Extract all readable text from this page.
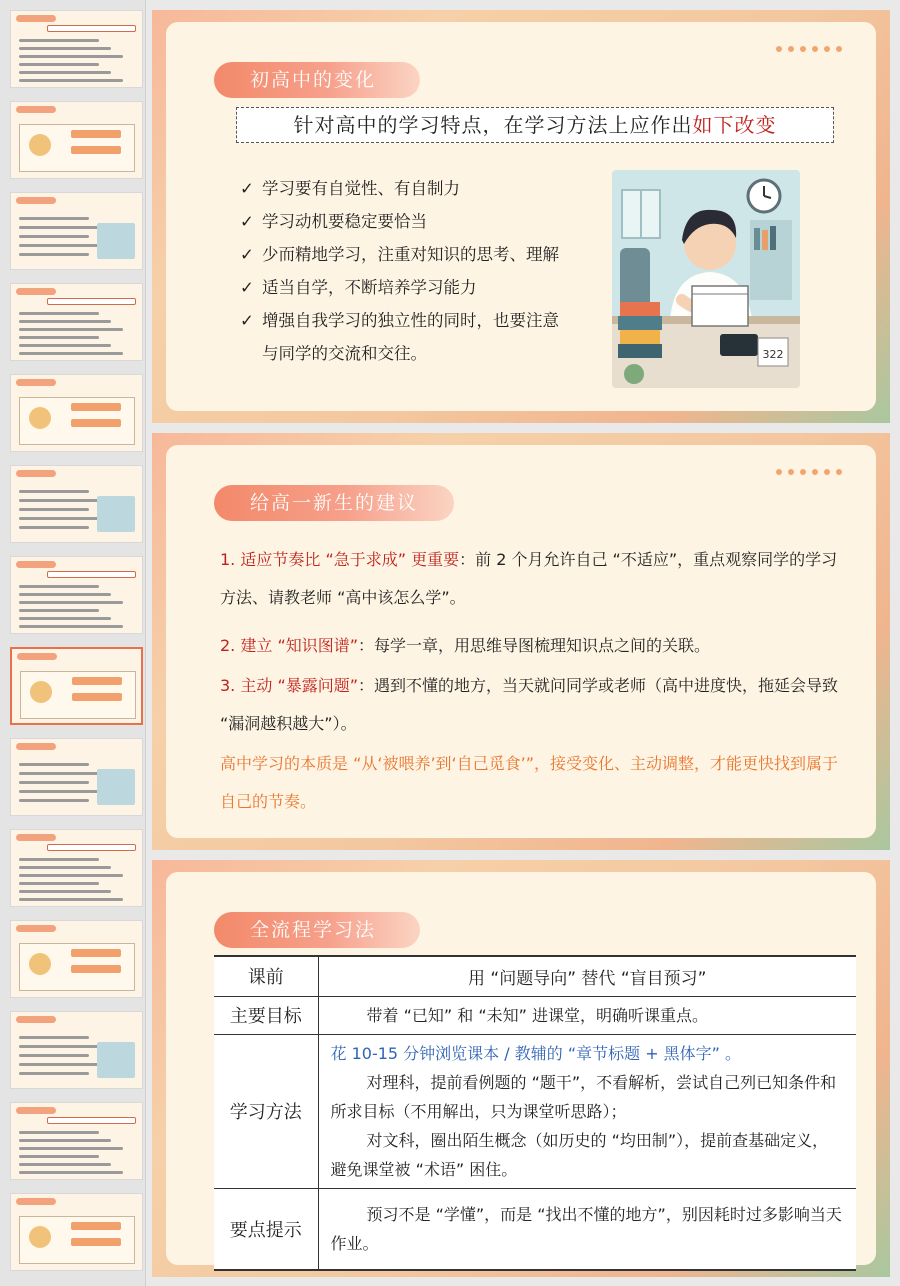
初高中的变化
针对高中的学习特点，在学习方法上应作出如下改变
✓ 学习要有自觉性、有自制力
✓ 学习动机要稳定要恰当
✓ 少而精地学习，注重对知识的思考、理解
✓ 适当自学，不断培养学习能力
✓ 增强自我学习的独立性的同时，也要注意
与同学的交流和交往。	322
给高一新生的建议

1. 适应节奏比 “急于求成” 更重要：前 2 个月允许自己 “不适应”，重点观察同学的学习方法、请教老师 “高中该怎么学”。

2. 建立 “知识图谱”：每学一章，用思维导图梳理知识点之间的关联。

3. 主动 “暴露问题”：遇到不懂的地方，当天就问同学或老师（高中进度快，拖延会导致 “漏洞越积越大”）。

高中学习的本质是 “从‘被喂养’到‘自己觅食’”，接受变化、主动调整，才能更快找到属于自己的节奏。

全流程学习法
课前	用 “问题导向” 替代 “盲目预习”
主要目标	带着 “已知” 和 “未知” 进课堂，明确听课重点。
学习方法	花 10-15 分钟浏览课本 / 教辅的 “章节标题 + 黑体字” 。
对理科，提前看例题的 “题干”，不看解析，尝试自己列已知条件和所求目标（不用解出，只为课堂听思路）；
对文科，圈出陌生概念（如历史的 “均田制”），提前查基础定义，避免课堂被 “术语” 困住。

要点提示	预习不是 “学懂”，而是 “找出不懂的地方”，别因耗时过多影响当天作业。
